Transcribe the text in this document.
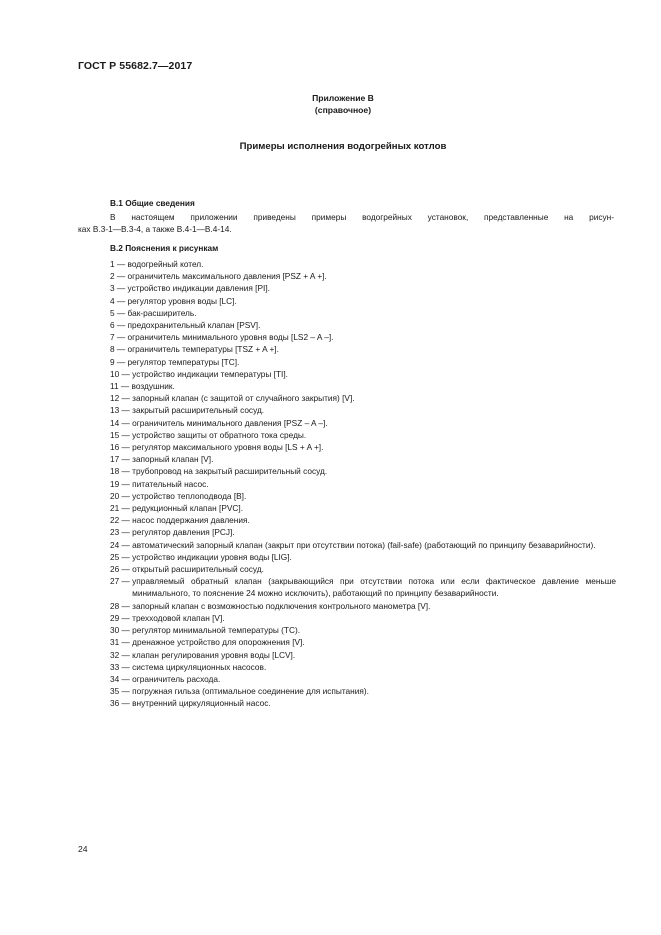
ГОСТ Р 55682.7—2017
Приложение В
(справочное)
Примеры исполнения водогрейных котлов
В.1 Общие сведения
В настоящем приложении приведены примеры водогрейных установок, представленные на рисун-
ках В.3-1—В.3-4, а также В.4-1—В.4-14.
В.2 Пояснения к рисункам
1 — водогрейный котел.
2 — ограничитель максимального давления [PSZ + A +].
3 — устройство индикации давления [PI].
4 — регулятор уровня воды [LC].
5 — бак-расширитель.
6 — предохранительный клапан [PSV].
7 — ограничитель минимального уровня воды [LS2 – A –].
8 — ограничитель температуры [TSZ + A +].
9 — регулятор температуры [TC].
10 — устройство индикации температуры [TI].
11 — воздушник.
12 — запорный клапан (с защитой от случайного закрытия) [V].
13 — закрытый расширительный сосуд.
14 — ограничитель минимального давления [PSZ – A –].
15 — устройство защиты от обратного тока среды.
16 — регулятор максимального уровня воды [LS + A +].
17 — запорный клапан [V].
18 — трубопровод на закрытый расширительный сосуд.
19 — питательный насос.
20 — устройство теплоподвода [B].
21 — редукционный клапан [PVC].
22 — насос поддержания давления.
23 — регулятор давления [PCJ].
24 — автоматический запорный клапан (закрыт при отсутствии потока) (fail-safe) (работающий по принципу безаварийности).
25 — устройство индикации уровня воды [LIG].
26 — открытый расширительный сосуд.
27 — управляемый обратный клапан (закрывающийся при отсутствии потока или если фактическое давление меньше минимального, то пояснение 24 можно исключить), работающий по принципу безаварийности.
28 — запорный клапан с возможностью подключения контрольного манометра [V].
29 — трехходовой клапан [V].
30 — регулятор минимальной температуры (TC).
31 — дренажное устройство для опорожнения [V].
32 — клапан регулирования уровня воды [LCV].
33 — система циркуляционных насосов.
34 — ограничитель расхода.
35 — погружная гильза (оптимальное соединение для испытания).
36 — внутренний циркуляционный насос.
24
